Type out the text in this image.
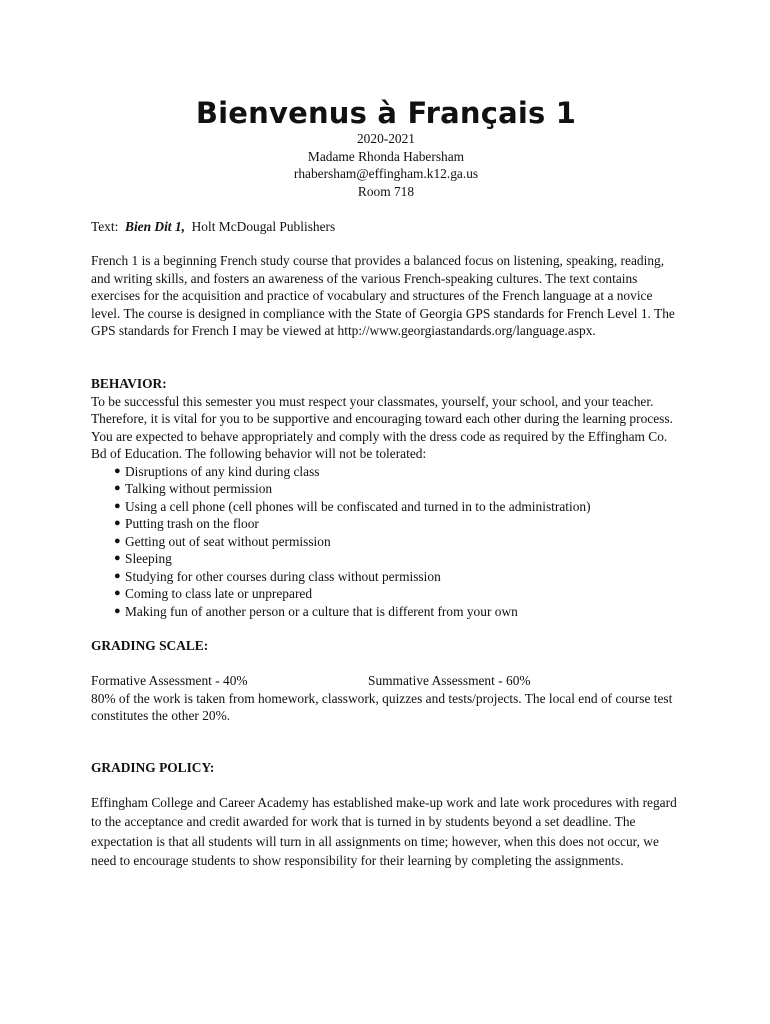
Bienvenus à Français 1
2020-2021
Madame Rhonda Habersham
rhabersham@effingham.k12.ga.us
Room 718
Text: Bien Dit 1, Holt McDougal Publishers

French 1 is a beginning French study course that provides a balanced focus on listening, speaking, reading, and writing skills, and fosters an awareness of the various French-speaking cultures. The text contains exercises for the acquisition and practice of vocabulary and structures of the French language at a novice level. The course is designed in compliance with the State of Georgia GPS standards for French Level 1. The GPS standards for French I may be viewed at http://www.georgiastandards.org/language.aspx.

BEHAVIOR:

To be successful this semester you must respect your classmates, yourself, your school, and your teacher. Therefore, it is vital for you to be supportive and encouraging toward each other during the learning process. You are expected to behave appropriately and comply with the dress code as required by the Effingham Co. Bd of Education. The following behavior will not be tolerated:

● Disruptions of any kind during class
● Talking without permission
● Using a cell phone (cell phones will be confiscated and turned in to the administration)
● Putting trash on the floor
● Getting out of seat without permission
● Sleeping
● Studying for other courses during class without permission
● Coming to class late or unprepared
● Making fun of another person or a culture that is different from your own

GRADING SCALE:

Formative Assessment - 40%	Summative Assessment - 60%

80% of the work is taken from homework, classwork, quizzes and tests/projects. The local end of course test constitutes the other 20%.

GRADING POLICY:

Effingham College and Career Academy has established make-up work and late work procedures with regard to the acceptance and credit awarded for work that is turned in by students beyond a set deadline. The expectation is that all students will turn in all assignments on time; however, when this does not occur, we need to encourage students to show responsibility for their learning by completing the assignments.
